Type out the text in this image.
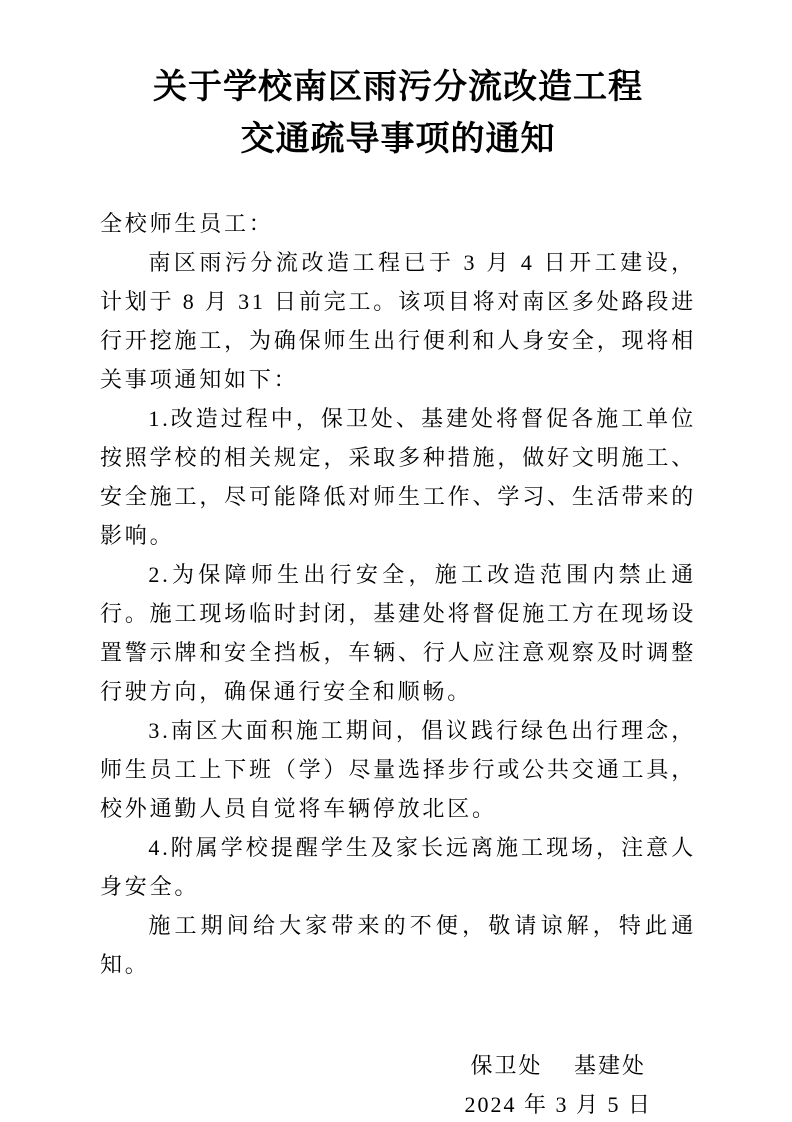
关于学校南区雨污分流改造工程
交通疏导事项的通知

全校师生员工：

南区雨污分流改造工程已于 3 月 4 日开工建设，计划于 8 月 31 日前完工。该项目将对南区多处路段进行开挖施工，为确保师生出行便利和人身安全，现将相关事项通知如下：

1.改造过程中，保卫处、基建处将督促各施工单位按照学校的相关规定，采取多种措施，做好文明施工、安全施工，尽可能降低对师生工作、学习、生活带来的影响。

2.为保障师生出行安全，施工改造范围内禁止通行。施工现场临时封闭，基建处将督促施工方在现场设置警示牌和安全挡板，车辆、行人应注意观察及时调整行驶方向，确保通行安全和顺畅。

3.南区大面积施工期间，倡议践行绿色出行理念，师生员工上下班（学）尽量选择步行或公共交通工具，校外通勤人员自觉将车辆停放北区。

4.附属学校提醒学生及家长远离施工现场，注意人身安全。

施工期间给大家带来的不便，敬请谅解，特此通知。

保卫处　 基建处
2024 年 3 月 5 日
